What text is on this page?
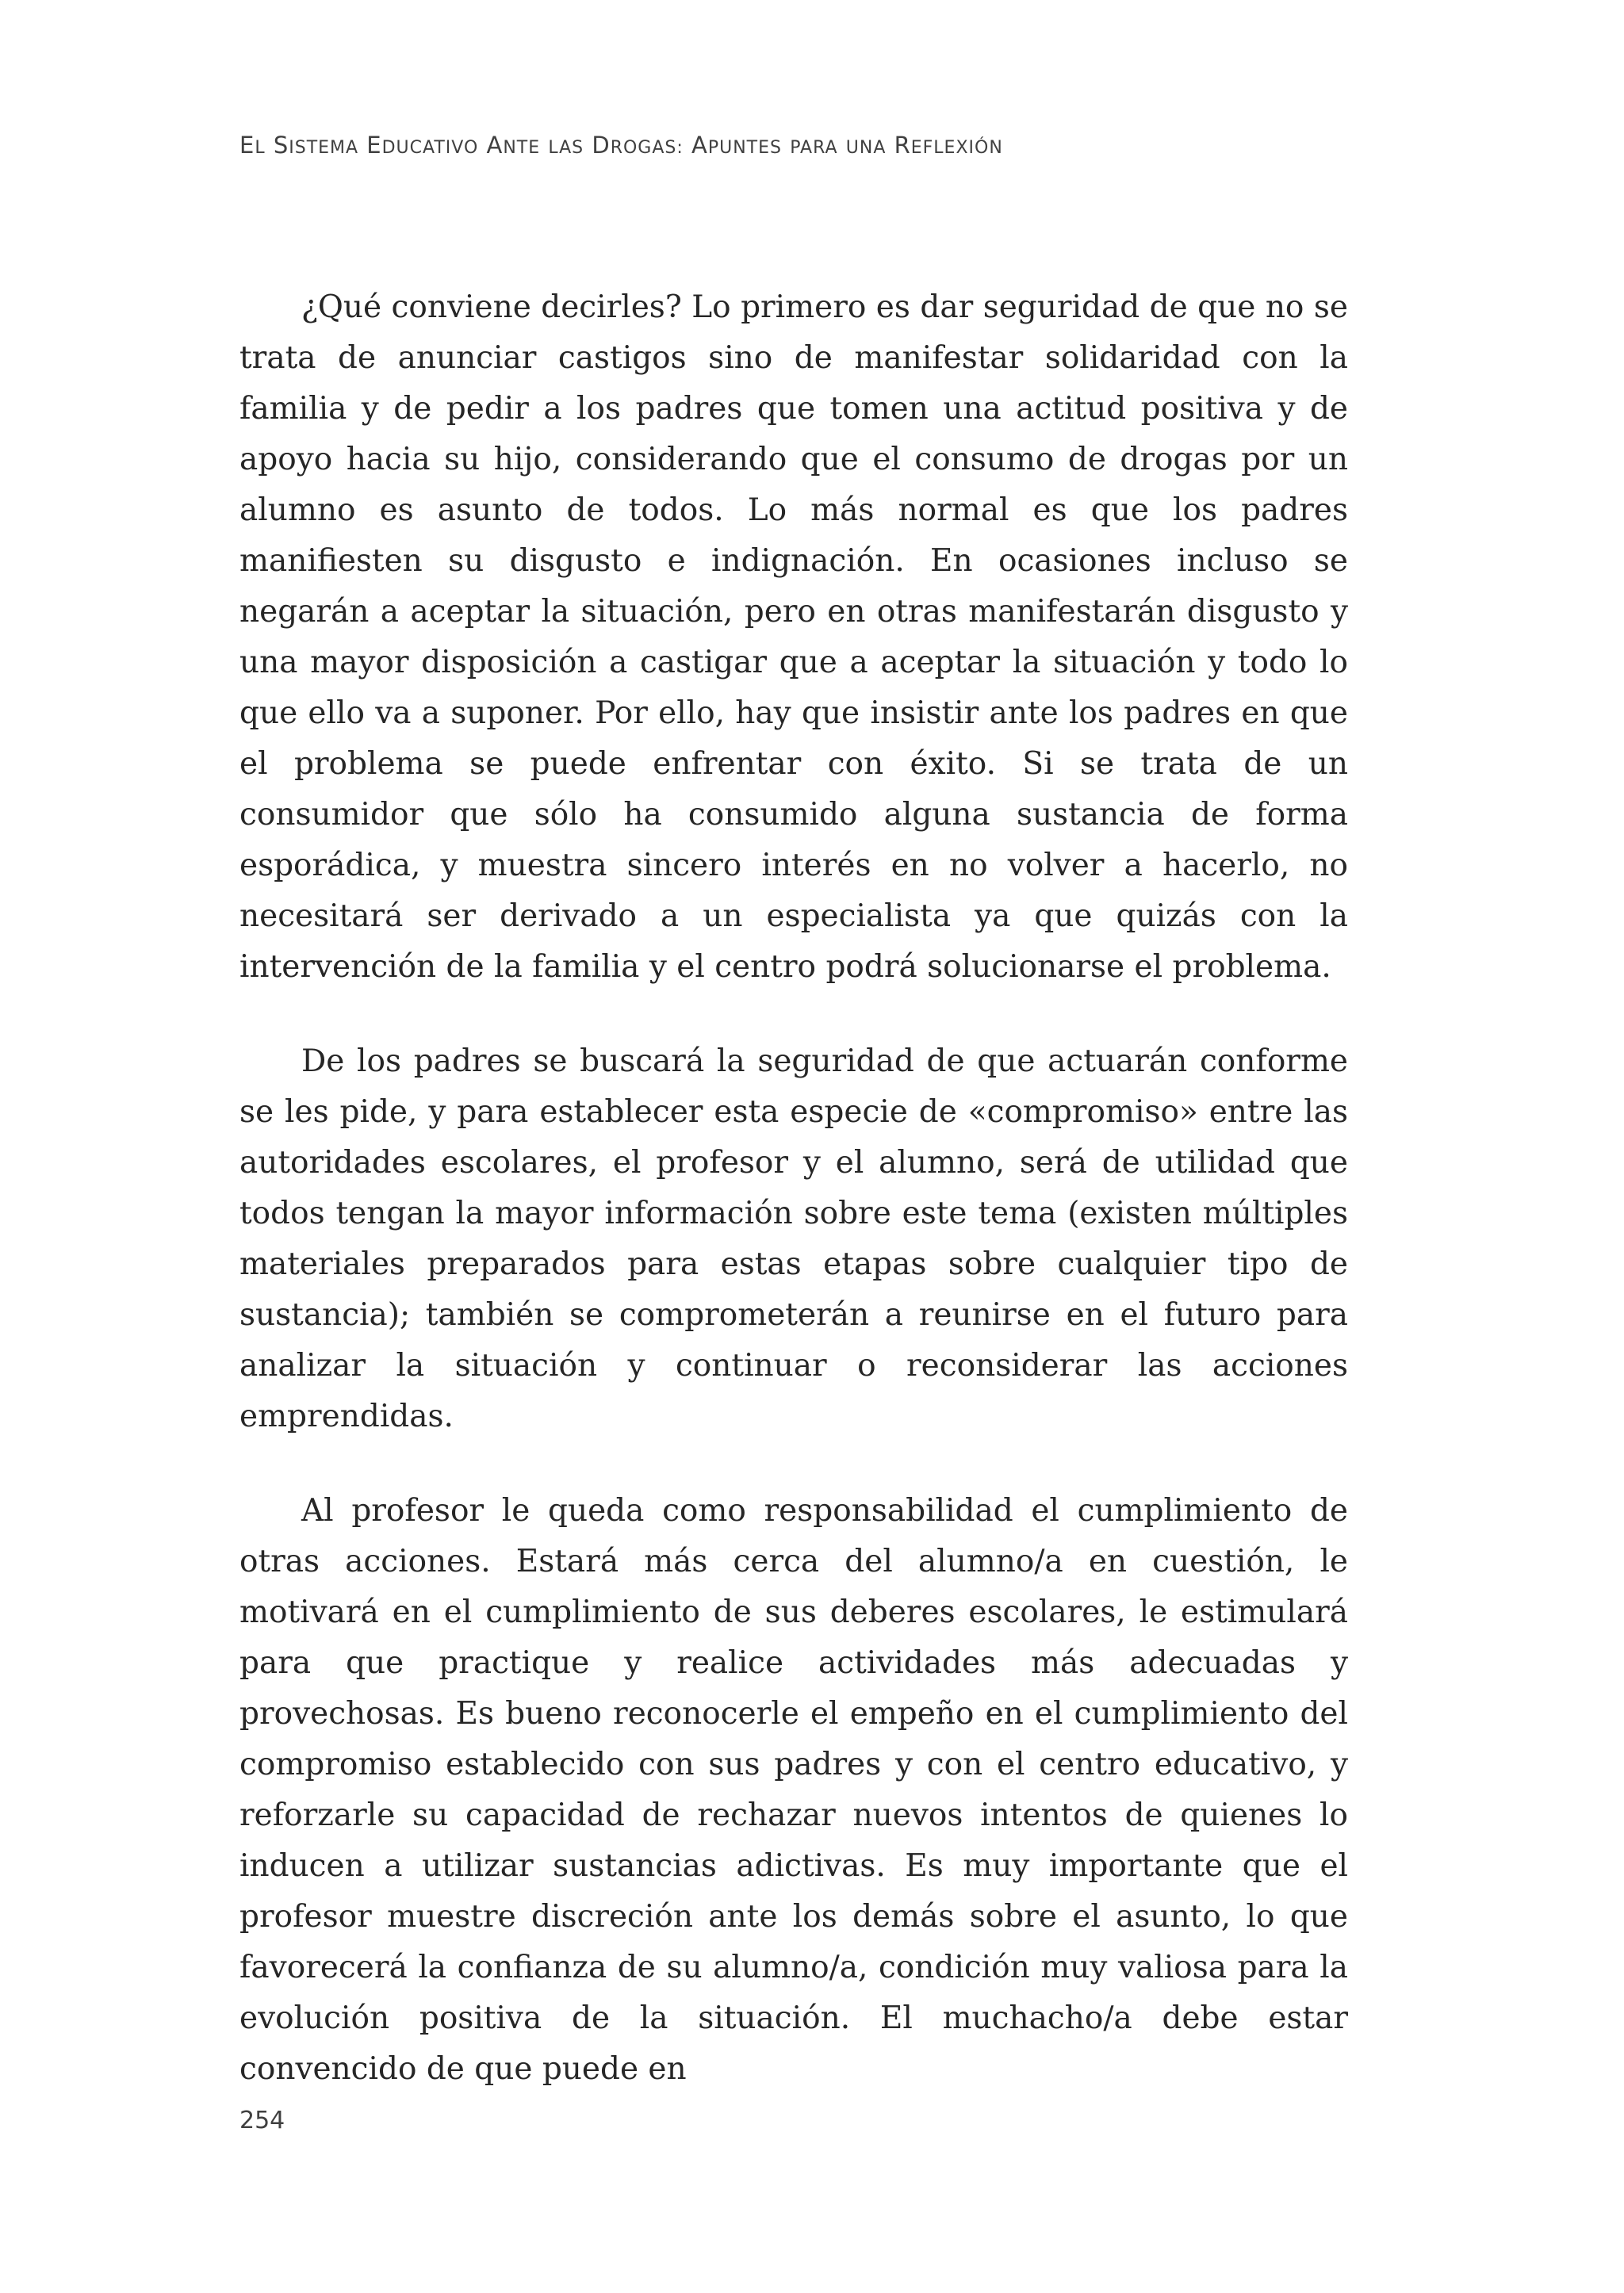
EL SISTEMA EDUCATIVO ANTE LAS DROGAS: APUNTES PARA UNA REFLEXIÓN

¿Qué conviene decirles? Lo primero es dar seguridad de que no se trata de anunciar castigos sino de manifestar solidaridad con la familia y de pedir a los padres que tomen una actitud positiva y de apoyo hacia su hijo, considerando que el consumo de drogas por un alumno es asunto de todos. Lo más normal es que los padres manifiesten su disgusto e indignación. En ocasiones incluso se negarán a aceptar la situación, pero en otras manifestarán disgusto y una mayor disposición a castigar que a aceptar la situación y todo lo que ello va a suponer. Por ello, hay que insistir ante los padres en que el problema se puede enfrentar con éxito. Si se trata de un consumidor que sólo ha consumido alguna sustancia de forma esporádica, y muestra sincero interés en no volver a hacerlo, no necesitará ser derivado a un especialista ya que quizás con la intervención de la familia y el centro podrá solucionarse el problema.

De los padres se buscará la seguridad de que actuarán conforme se les pide, y para establecer esta especie de «compromiso» entre las autoridades escolares, el profesor y el alumno, será de utilidad que todos tengan la mayor información sobre este tema (existen múltiples materiales preparados para estas etapas sobre cualquier tipo de sustancia); también se comprometerán a reunirse en el futuro para analizar la situación y continuar o reconsiderar las acciones emprendidas.

Al profesor le queda como responsabilidad el cumplimiento de otras acciones. Estará más cerca del alumno/a en cuestión, le motivará en el cumplimiento de sus deberes escolares, le estimulará para que practique y realice actividades más adecuadas y provechosas. Es bueno reconocerle el empeño en el cumplimiento del compromiso establecido con sus padres y con el centro educativo, y reforzarle su capacidad de rechazar nuevos intentos de quienes lo inducen a utilizar sustancias adictivas. Es muy importante que el profesor muestre discreción ante los demás sobre el asunto, lo que favorecerá la confianza de su alumno/a, condición muy valiosa para la evolución positiva de la situación. El muchacho/a debe estar convencido de que puede en

254
